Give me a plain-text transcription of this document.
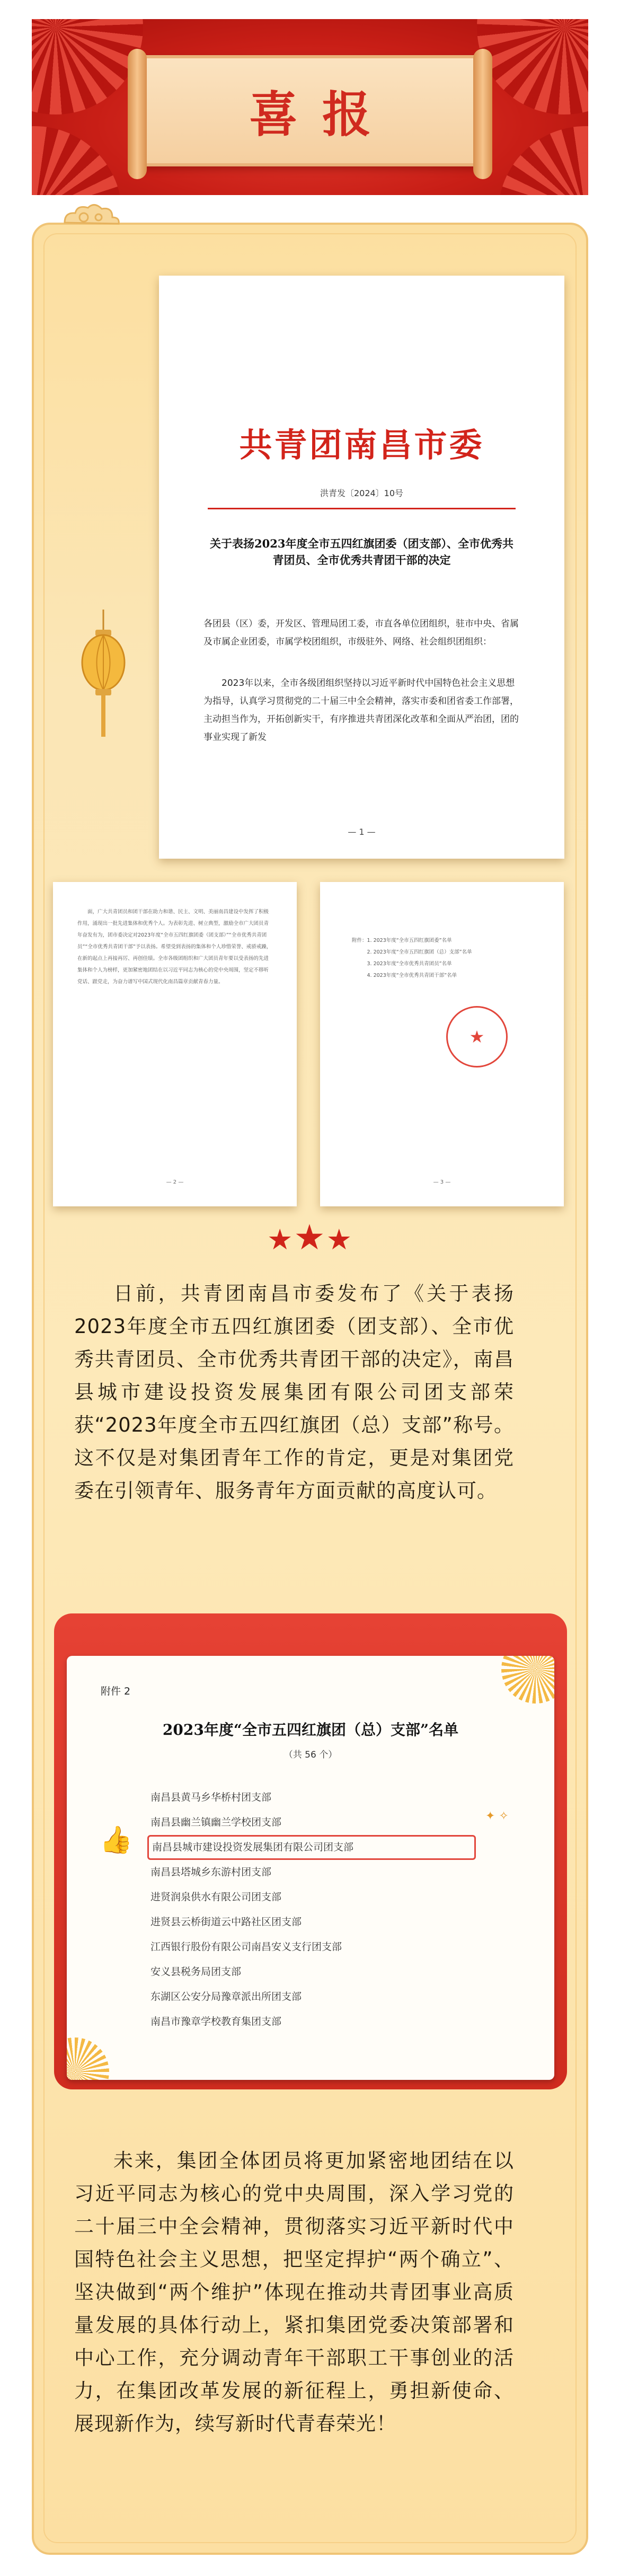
喜报
共青团南昌市委
洪青发〔2024〕10号
关于表扬2023年度全市五四红旗团委（团支部）、全市优秀共青团员、全市优秀共青团干部的决定
各团县（区）委，开发区、管理局团工委，市直各单位团组织，驻市中央、省属及市属企业团委，市属学校团组织，市级驻外、网络、社会组织团组织：
2023年以来，全市各级团组织坚持以习近平新时代中国特色社会主义思想为指导，认真学习贯彻党的二十届三中全会精神，落实市委和团省委工作部署，主动担当作为，开拓创新实干，有序推进共青团深化改革和全面从严治团，团的事业实现了新发
— 1 —
面，广大共青团员和团干部在助力和谐、民主、文明、美丽南昌建设中发挥了积极作用，涌现出一批先进集体和优秀个人。为表彰先进、树立典型，激励全市广大团员青年奋发有为，团市委决定对2023年度“全市五四红旗团委（团支部）”“全市优秀共青团员”“全市优秀共青团干部”予以表扬。希望受到表扬的集体和个人珍惜荣誉、戒骄戒躁，在新的起点上再接再厉、再创佳绩。全市各级团组织和广大团员青年要以受表扬的先进集体和个人为榜样，更加紧密地团结在以习近平同志为核心的党中央周围，坚定不移听党话、跟党走，为奋力谱写中国式现代化南昌篇章贡献青春力量。
— 2 —
附件：1. 2023年度“全市五四红旗团委”名单
2. 2023年度“全市五四红旗团（总）支部”名单
3. 2023年度“全市优秀共青团员”名单
4. 2023年度“全市优秀共青团干部”名单
★
— 3 —
★★★
日前，共青团南昌市委发布了《关于表扬2023年度全市五四红旗团委（团支部）、全市优秀共青团员、全市优秀共青团干部的决定》，南昌县城市建设投资发展集团有限公司团支部荣获“2023年度全市五四红旗团（总）支部”称号。这不仅是对集团青年工作的肯定，更是对集团党委在引领青年、服务青年方面贡献的高度认可。
附件 2
2023年度“全市五四红旗团（总）支部”名单
（共 56 个）
👍
✦ ✧
南昌县黄马乡华桥村团支部
南昌县幽兰镇幽兰学校团支部
南昌县城市建设投资发展集团有限公司团支部
南昌县塔城乡东游村团支部
进贤润泉供水有限公司团支部
进贤县云桥街道云中路社区团支部
江西银行股份有限公司南昌安义支行团支部
安义县税务局团支部
东湖区公安分局豫章派出所团支部
南昌市豫章学校教育集团支部
未来，集团全体团员将更加紧密地团结在以习近平同志为核心的党中央周围，深入学习党的二十届三中全会精神，贯彻落实习近平新时代中国特色社会主义思想，把坚定捍护“两个确立”、坚决做到“两个维护”体现在推动共青团事业高质量发展的具体行动上，紧扣集团党委决策部署和中心工作，充分调动青年干部职工干事创业的活力，在集团改革发展的新征程上，勇担新使命、展现新作为，续写新时代青春荣光！
